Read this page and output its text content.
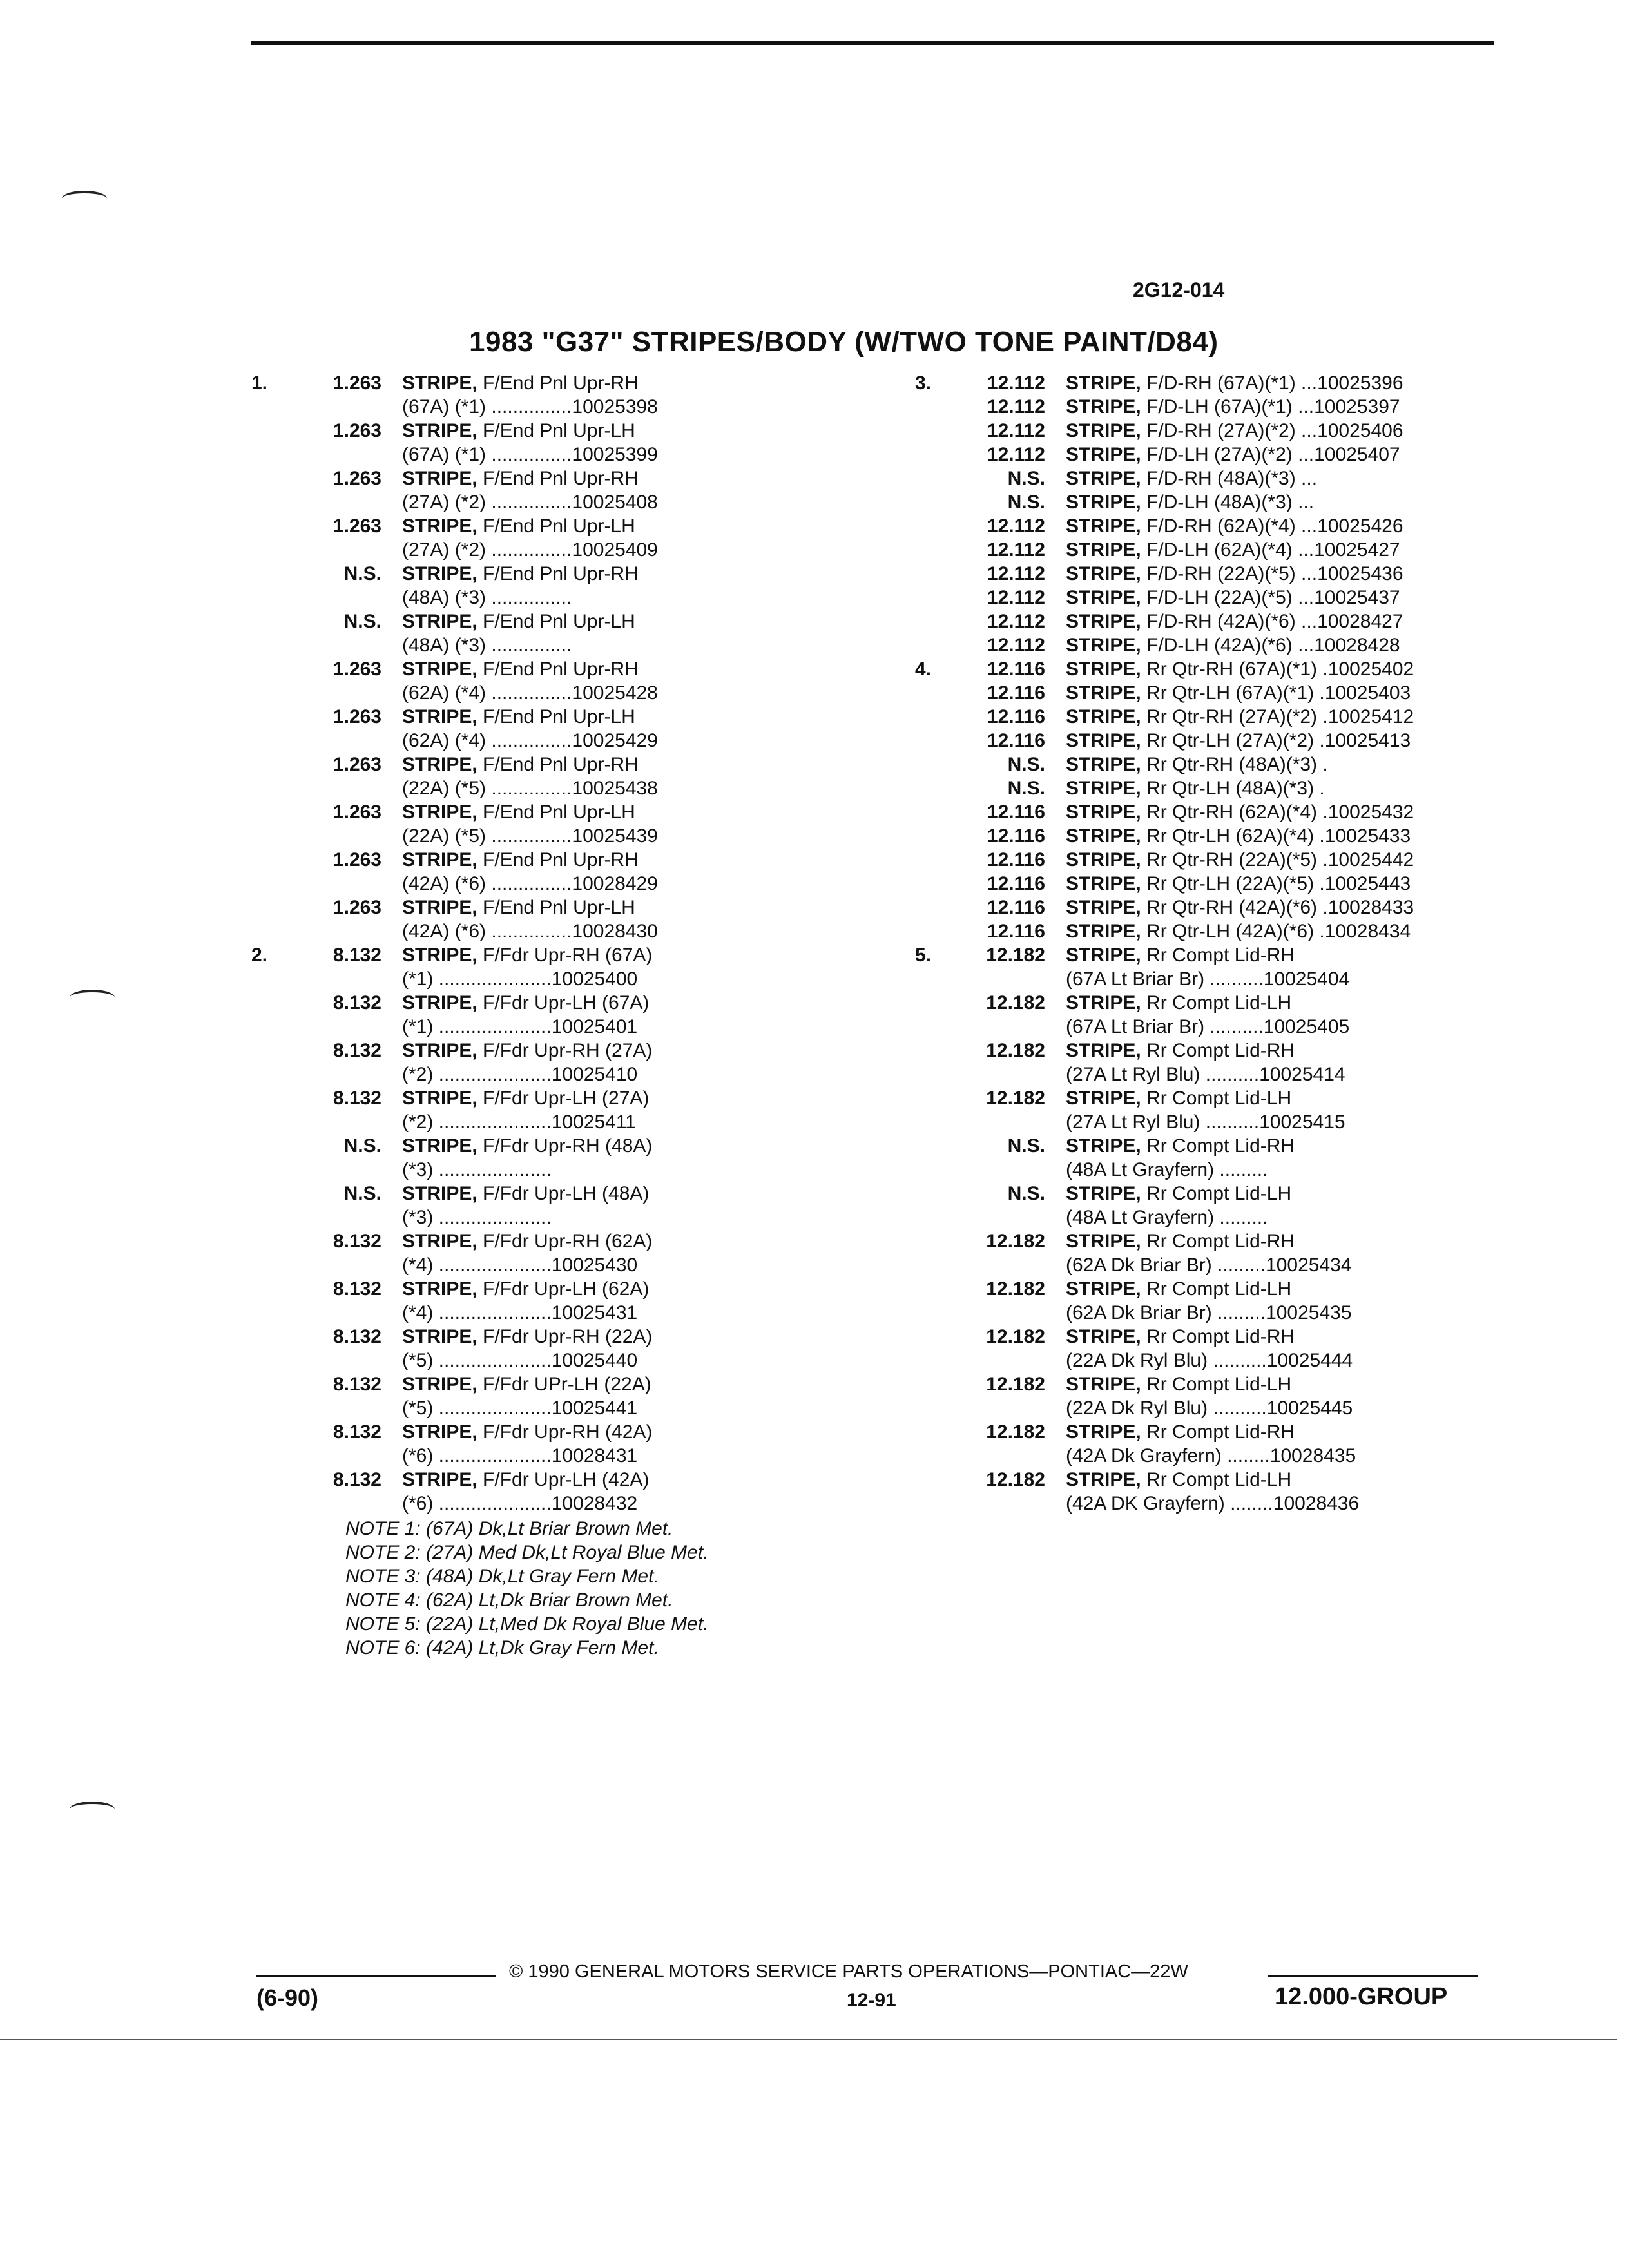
2G12-014
1983 "G37" STRIPES/BODY (W/TWO TONE PAINT/D84)
1.	1.263	STRIPE, F/End Pnl Upr-RH
(67A) (*1) ...............10025398
1.263	STRIPE, F/End Pnl Upr-LH
(67A) (*1) ...............10025399
1.263	STRIPE, F/End Pnl Upr-RH
(27A) (*2) ...............10025408
1.263	STRIPE, F/End Pnl Upr-LH
(27A) (*2) ...............10025409
N.S.	STRIPE, F/End Pnl Upr-RH
(48A) (*3) ...............
N.S.	STRIPE, F/End Pnl Upr-LH
(48A) (*3) ...............
1.263	STRIPE, F/End Pnl Upr-RH
(62A) (*4) ...............10025428
1.263	STRIPE, F/End Pnl Upr-LH
(62A) (*4) ...............10025429
1.263	STRIPE, F/End Pnl Upr-RH
(22A) (*5) ...............10025438
1.263	STRIPE, F/End Pnl Upr-LH
(22A) (*5) ...............10025439
1.263	STRIPE, F/End Pnl Upr-RH
(42A) (*6) ...............10028429
1.263	STRIPE, F/End Pnl Upr-LH
(42A) (*6) ...............10028430
2.	8.132	STRIPE, F/Fdr Upr-RH (67A)
(*1) .....................10025400
8.132	STRIPE, F/Fdr Upr-LH (67A)
(*1) .....................10025401
8.132	STRIPE, F/Fdr Upr-RH (27A)
(*2) .....................10025410
8.132	STRIPE, F/Fdr Upr-LH (27A)
(*2) .....................10025411
N.S.	STRIPE, F/Fdr Upr-RH (48A)
(*3) .....................
N.S.	STRIPE, F/Fdr Upr-LH (48A)
(*3) .....................
8.132	STRIPE, F/Fdr Upr-RH (62A)
(*4) .....................10025430
8.132	STRIPE, F/Fdr Upr-LH (62A)
(*4) .....................10025431
8.132	STRIPE, F/Fdr Upr-RH (22A)
(*5) .....................10025440
8.132	STRIPE, F/Fdr UPr-LH (22A)
(*5) .....................10025441
8.132	STRIPE, F/Fdr Upr-RH (42A)
(*6) .....................10028431
8.132	STRIPE, F/Fdr Upr-LH (42A)
(*6) .....................10028432
NOTE 1: (67A) Dk,Lt Briar Brown Met.
NOTE 2: (27A) Med Dk,Lt Royal Blue Met.
NOTE 3: (48A) Dk,Lt Gray Fern Met.
NOTE 4: (62A) Lt,Dk Briar Brown Met.
NOTE 5: (22A) Lt,Med Dk Royal Blue Met.
NOTE 6: (42A) Lt,Dk Gray Fern Met.
3.	12.112	STRIPE, F/D-RH (67A)(*1) ...10025396
12.112	STRIPE, F/D-LH (67A)(*1) ...10025397
12.112	STRIPE, F/D-RH (27A)(*2) ...10025406
12.112	STRIPE, F/D-LH (27A)(*2) ...10025407
N.S.	STRIPE, F/D-RH (48A)(*3) ...
N.S.	STRIPE, F/D-LH (48A)(*3) ...
12.112	STRIPE, F/D-RH (62A)(*4) ...10025426
12.112	STRIPE, F/D-LH (62A)(*4) ...10025427
12.112	STRIPE, F/D-RH (22A)(*5) ...10025436
12.112	STRIPE, F/D-LH (22A)(*5) ...10025437
12.112	STRIPE, F/D-RH (42A)(*6) ...10028427
12.112	STRIPE, F/D-LH (42A)(*6) ...10028428
4.	12.116	STRIPE, Rr Qtr-RH (67A)(*1) .10025402
12.116	STRIPE, Rr Qtr-LH (67A)(*1) .10025403
12.116	STRIPE, Rr Qtr-RH (27A)(*2) .10025412
12.116	STRIPE, Rr Qtr-LH (27A)(*2) .10025413
N.S.	STRIPE, Rr Qtr-RH (48A)(*3) .
N.S.	STRIPE, Rr Qtr-LH (48A)(*3) .
12.116	STRIPE, Rr Qtr-RH (62A)(*4) .10025432
12.116	STRIPE, Rr Qtr-LH (62A)(*4) .10025433
12.116	STRIPE, Rr Qtr-RH (22A)(*5) .10025442
12.116	STRIPE, Rr Qtr-LH (22A)(*5) .10025443
12.116	STRIPE, Rr Qtr-RH (42A)(*6) .10028433
12.116	STRIPE, Rr Qtr-LH (42A)(*6) .10028434
5.	12.182	STRIPE, Rr Compt Lid-RH
(67A Lt Briar Br) ..........10025404
12.182	STRIPE, Rr Compt Lid-LH
(67A Lt Briar Br) ..........10025405
12.182	STRIPE, Rr Compt Lid-RH
(27A Lt Ryl Blu) ..........10025414
12.182	STRIPE, Rr Compt Lid-LH
(27A Lt Ryl Blu) ..........10025415
N.S.	STRIPE, Rr Compt Lid-RH
(48A Lt Grayfern) .........
N.S.	STRIPE, Rr Compt Lid-LH
(48A Lt Grayfern) .........
12.182	STRIPE, Rr Compt Lid-RH
(62A Dk Briar Br) .........10025434
12.182	STRIPE, Rr Compt Lid-LH
(62A Dk Briar Br) .........10025435
12.182	STRIPE, Rr Compt Lid-RH
(22A Dk Ryl Blu) ..........10025444
12.182	STRIPE, Rr Compt Lid-LH
(22A Dk Ryl Blu) ..........10025445
12.182	STRIPE, Rr Compt Lid-RH
(42A Dk Grayfern) ........10028435
12.182	STRIPE, Rr Compt Lid-LH
(42A DK Grayfern) ........10028436
© 1990 GENERAL MOTORS SERVICE PARTS OPERATIONS—PONTIAC—22W
(6-90)	12-91	12.000-GROUP
